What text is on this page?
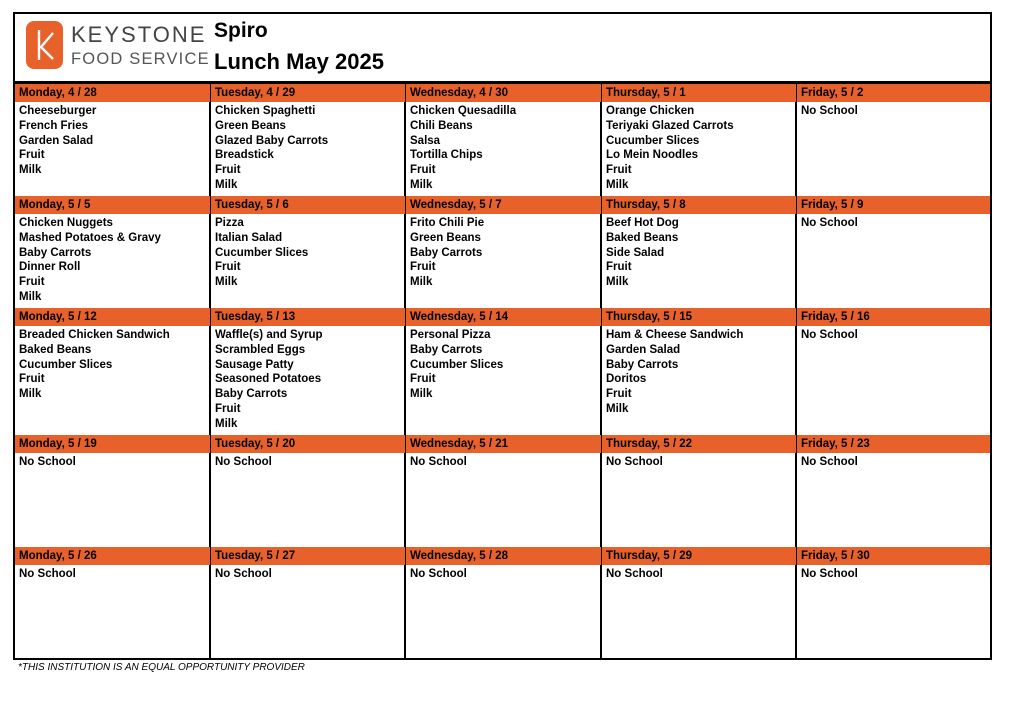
KEYSTONE
FOOD SERVICE
Spiro
Lunch May 2025
Monday, 4 / 28
Cheeseburger
French Fries
Garden Salad
Fruit
Milk
Tuesday, 4 / 29
Chicken Spaghetti
Green Beans
Glazed Baby Carrots
Breadstick
Fruit
Milk
Wednesday, 4 / 30
Chicken Quesadilla
Chili Beans
Salsa
Tortilla Chips
Fruit
Milk
Thursday, 5 / 1
Orange Chicken
Teriyaki Glazed Carrots
Cucumber Slices
Lo Mein Noodles
Fruit
Milk
Friday, 5 / 2
No School
Monday, 5 / 5
Chicken Nuggets
Mashed Potatoes & Gravy
Baby Carrots
Dinner Roll
Fruit
Milk
Tuesday, 5 / 6
Pizza
Italian Salad
Cucumber Slices
Fruit
Milk
Wednesday, 5 / 7
Frito Chili Pie
Green Beans
Baby Carrots
Fruit
Milk
Thursday, 5 / 8
Beef Hot Dog
Baked Beans
Side Salad
Fruit
Milk
Friday, 5 / 9
No School
Monday, 5 / 12
Breaded Chicken Sandwich
Baked Beans
Cucumber Slices
Fruit
Milk
Tuesday, 5 / 13
Waffle(s) and Syrup
Scrambled Eggs
Sausage Patty
Seasoned Potatoes
Baby Carrots
Fruit
Milk
Wednesday, 5 / 14
Personal Pizza
Baby Carrots
Cucumber Slices
Fruit
Milk
Thursday, 5 / 15
Ham & Cheese Sandwich
Garden Salad
Baby Carrots
Doritos
Fruit
Milk
Friday, 5 / 16
No School
Monday, 5 / 19
No School
Tuesday, 5 / 20
No School
Wednesday, 5 / 21
No School
Thursday, 5 / 22
No School
Friday, 5 / 23
No School
Monday, 5 / 26
No School
Tuesday, 5 / 27
No School
Wednesday, 5 / 28
No School
Thursday, 5 / 29
No School
Friday, 5 / 30
No School
*THIS INSTITUTION IS AN EQUAL OPPORTUNITY PROVIDER
